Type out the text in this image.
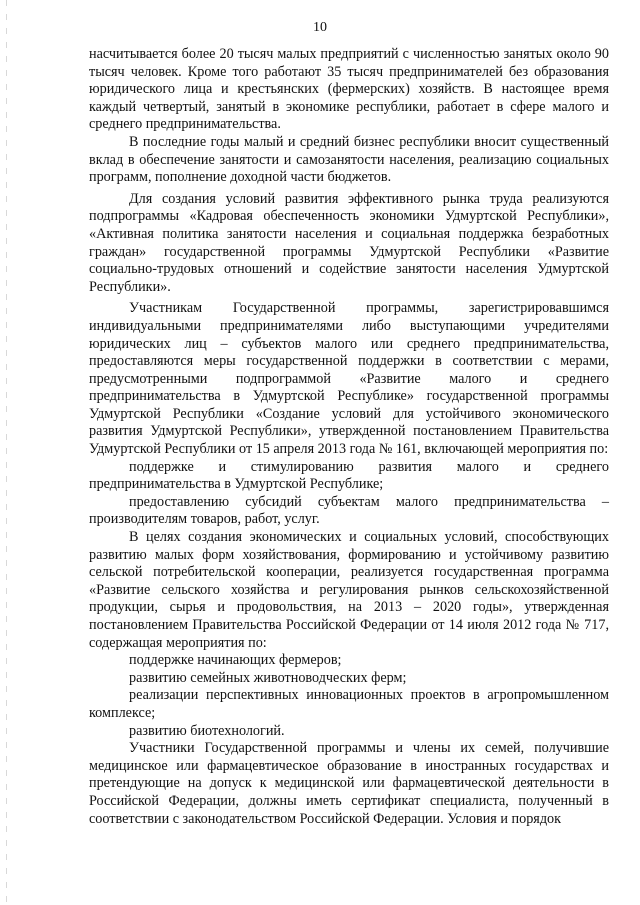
10

насчитывается более 20 тысяч малых предприятий с численностью занятых около 90 тысяч человек. Кроме того работают 35 тысяч предпринимателей без образования юридического лица и крестьянских (фермерских) хозяйств. В настоящее время каждый четвертый, занятый в экономике республики, работает в сфере малого и среднего предпринимательства.

В последние годы малый и средний бизнес республики вносит существенный вклад в обеспечение занятости и самозанятости населения, реализацию социальных программ, пополнение доходной части бюджетов.

Для создания условий развития эффективного рынка труда реализуются подпрограммы «Кадровая обеспеченность экономики Удмуртской Республики», «Активная политика занятости населения и социальная поддержка безработных граждан» государственной программы Удмуртской Республики «Развитие социально-трудовых отношений и содействие занятости населения Удмуртской Республики».

Участникам Государственной программы, зарегистрировавшимся индивидуальными предпринимателями либо выступающими учредителями юридических лиц – субъектов малого или среднего предпринимательства, предоставляются меры государственной поддержки в соответствии с мерами, предусмотренными подпрограммой «Развитие малого и среднего предпринимательства в Удмуртской Республике» государственной программы Удмуртской Республики «Создание условий для устойчивого экономического развития Удмуртской Республики», утвержденной постановлением Правительства Удмуртской Республики от 15 апреля 2013 года № 161, включающей мероприятия по:

поддержке и стимулированию развития малого и среднего предпринимательства в Удмуртской Республике;

предоставлению субсидий субъектам малого предпринимательства – производителям товаров, работ, услуг.

В целях создания экономических и социальных условий, способствующих развитию малых форм хозяйствования, формированию и устойчивому развитию сельской потребительской кооперации, реализуется государственная программа «Развитие сельского хозяйства и регулирования рынков сельскохозяйственной продукции, сырья и продовольствия, на 2013 – 2020 годы», утвержденная постановлением Правительства Российской Федерации от 14 июля 2012 года № 717, содержащая мероприятия по:

поддержке начинающих фермеров;

развитию семейных животноводческих ферм;

реализации перспективных инновационных проектов в агропромышленном комплексе;

развитию биотехнологий.

Участники Государственной программы и члены их семей, получившие медицинское или фармацевтическое образование в иностранных государствах и претендующие на допуск к медицинской или фармацевтической деятельности в Российской Федерации, должны иметь сертификат специалиста, полученный в соответствии с законодательством Российской Федерации. Условия и порядок
